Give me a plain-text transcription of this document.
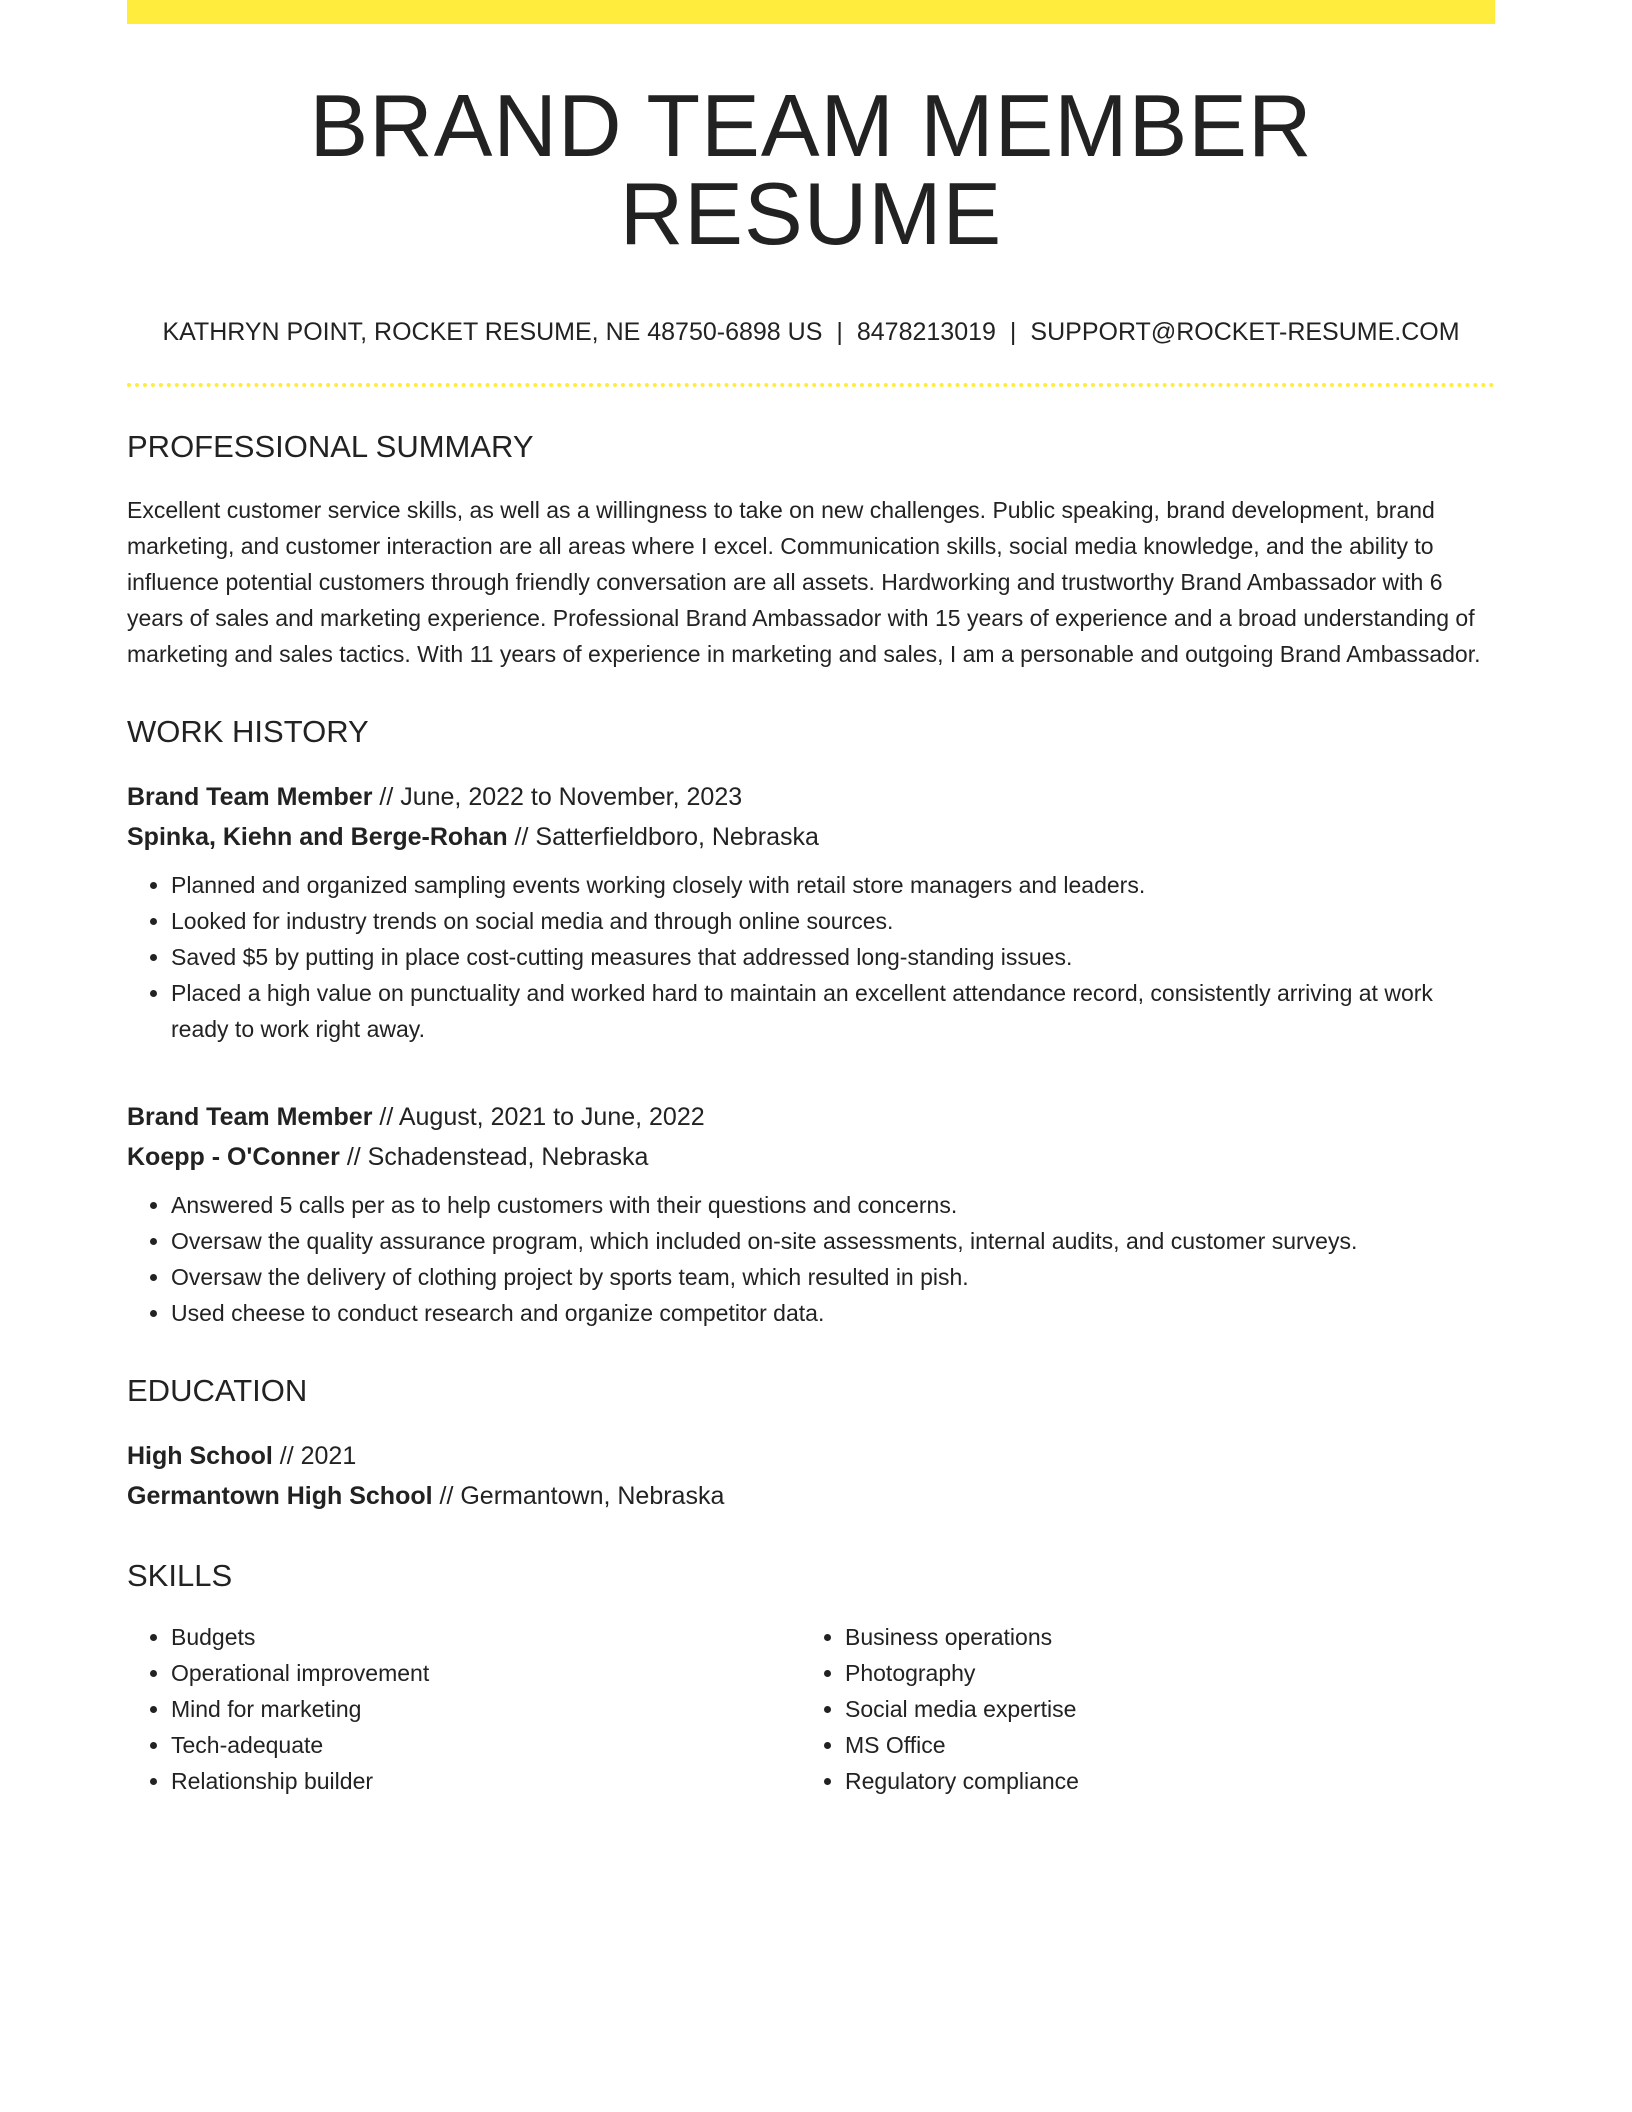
BRAND TEAM MEMBER RESUME
KATHRYN POINT, ROCKET RESUME, NE 48750-6898 US | 8478213019 | SUPPORT@ROCKET-RESUME.COM
PROFESSIONAL SUMMARY
Excellent customer service skills, as well as a willingness to take on new challenges. Public speaking, brand development, brand marketing, and customer interaction are all areas where I excel. Communication skills, social media knowledge, and the ability to influence potential customers through friendly conversation are all assets. Hardworking and trustworthy Brand Ambassador with 6 years of sales and marketing experience. Professional Brand Ambassador with 15 years of experience and a broad understanding of marketing and sales tactics. With 11 years of experience in marketing and sales, I am a personable and outgoing Brand Ambassador.
WORK HISTORY
Brand Team Member // June, 2022 to November, 2023
Spinka, Kiehn and Berge-Rohan // Satterfieldboro, Nebraska
• Planned and organized sampling events working closely with retail store managers and leaders.
• Looked for industry trends on social media and through online sources.
• Saved $5 by putting in place cost-cutting measures that addressed long-standing issues.
• Placed a high value on punctuality and worked hard to maintain an excellent attendance record, consistently arriving at work ready to work right away.
Brand Team Member // August, 2021 to June, 2022
Koepp - O'Conner // Schadenstead, Nebraska
• Answered 5 calls per as to help customers with their questions and concerns.
• Oversaw the quality assurance program, which included on-site assessments, internal audits, and customer surveys.
• Oversaw the delivery of clothing project by sports team, which resulted in pish.
• Used cheese to conduct research and organize competitor data.
EDUCATION
High School // 2021
Germantown High School // Germantown, Nebraska
SKILLS
• Budgets
• Operational improvement
• Mind for marketing
• Tech-adequate
• Relationship builder
• Business operations
• Photography
• Social media expertise
• MS Office
• Regulatory compliance
